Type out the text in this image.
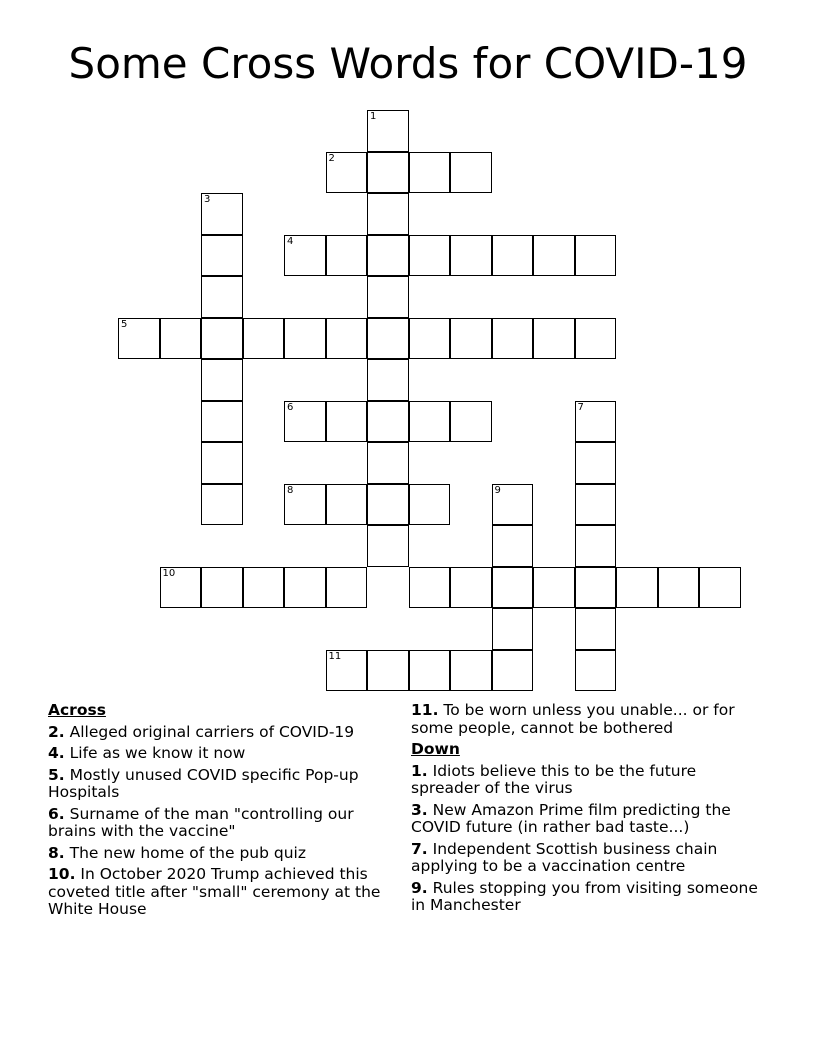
Some Cross Words for COVID-19
1
2
3
4
5
6	7
8	9
10
11
Across
2. Alleged original carriers of COVID-19
4. Life as we know it now
5. Mostly unused COVID specific Pop-up Hospitals
6. Surname of the man "controlling our brains with the vaccine"
8. The new home of the pub quiz
10. In October 2020 Trump achieved this coveted title after "small" ceremony at the White House
11. To be worn unless you unable... or for some people, cannot be bothered
Down
1. Idiots believe this to be the future spreader of the virus
3. New Amazon Prime film predicting the COVID future (in rather bad taste...)
7. Independent Scottish business chain applying to be a vaccination centre
9. Rules stopping you from visiting someone in Manchester
